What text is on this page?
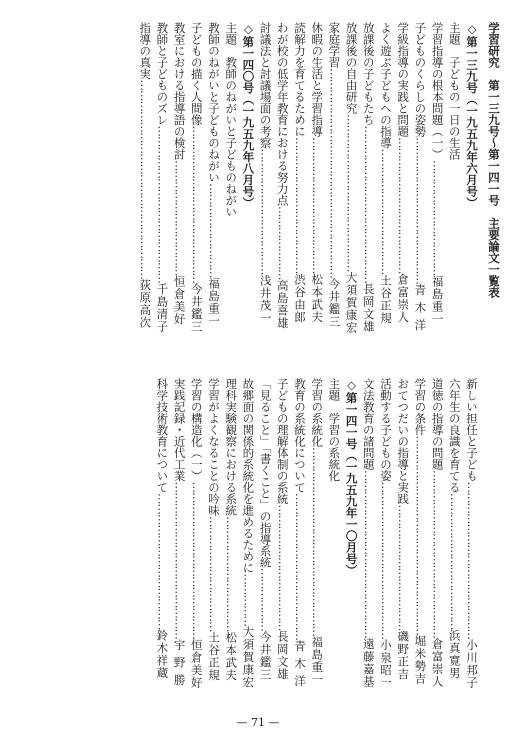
学習研究　第一三九号〜第一四一号　主要論文一覧表
◇第一三九号（一九五九年六月号）
主題　子どもの一日の生活
学習指導の根本問題（一）……………………………福島重一
子どものくらしの姿勢……………………………………青木洋
学級指導の実践と問題…………………………………倉富崇人
よく遊ぶ子どもへの指導………………………………土谷正規
放課後の子どもたち………………………………………長岡文雄
放課後の自由研究………………………………………大須賀康宏
家庭学習……………………………………………………今井鑑三
休暇の生活と学習指導…………………………………松本武夫
読解力を育てるために…………………………………渋谷由郎
わが校の低学年教育における努力点…………………高島喜雄
討議法と討議場面の考察………………………………浅井茂一
◇第一四〇号（一九五九年八月号）
主題　教師のねがいと子どものねがい
教師のねがいと子どものねがい………………………福島重一
子どもの描く人間像………………………………………今井鑑三
教室における指導語の検討……………………………恒倉美好
教師と子どものズレ………………………………………千島清子
指導の真実…………………………………………………荻原高次
新しい担任と子ども………………………………………小川邦子
六年生の良識を育てる…………………………………浜真寛男
道徳の指導の問題…………………………………………倉富崇人
学習の条件…………………………………………………堀米勢吉
おてつだいの指導と実践………………………………磯野正吉
活動する子どもの姿………………………………………小泉昭一
文法教育の諸問題…………………………………………遠藤嘉基
◇第一四一号（一九五九年一〇月号）
主題　学習の系統化
学習の系統化………………………………………………福島重一
教育の系統化について……………………………………青木洋
子どもの理解体制の系統………………………………長岡文雄
「見ること」「書くこと」の指導系統………………今井鑑三
故郷面の関係的系統化を進めるために……………大須賀康宏
理科実験観察における系統……………………………松本武夫
学習がよくなることの吟味……………………………土谷正規
学習の構造化（一）………………………………………恒倉美好
実践記録・近代工業………………………………………宇野勝
科学技術教育について…………………………………鈴木祥蔵
— 71 —
